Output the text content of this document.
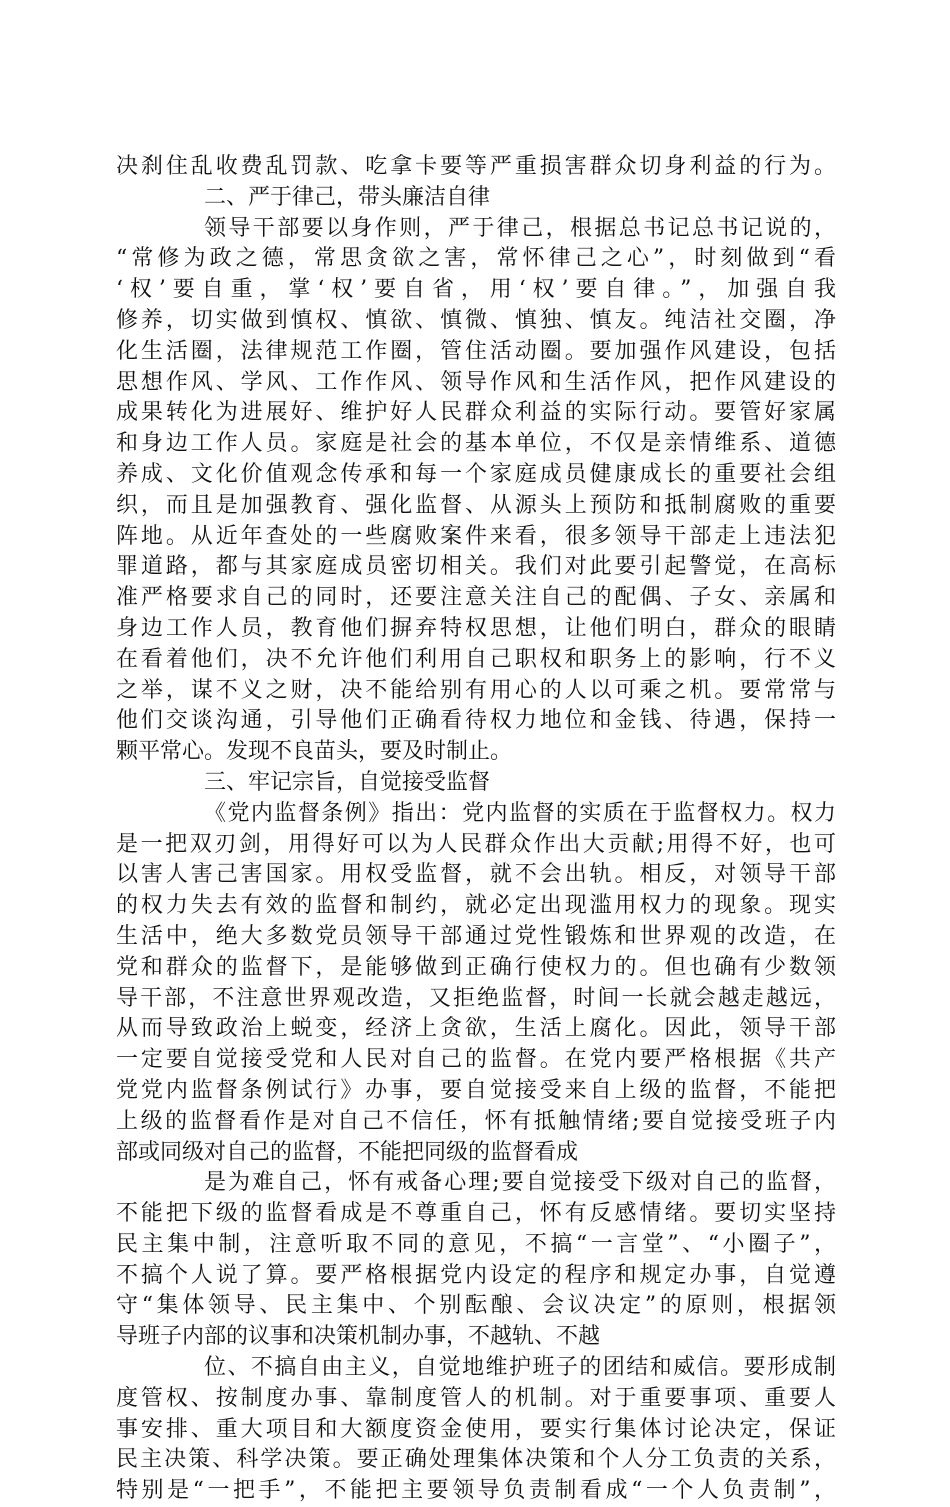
决刹住乱收费乱罚款、吃拿卡要等严重损害群众切身利益的行为。
二、严于律己，带头廉洁自律
领导干部要以身作则，严于律己，根据总书记总书记说的，
“常修为政之德，常思贪欲之害，常怀律己之心”，时刻做到“看
‘权’要自重，掌‘权’要自省，用‘权’要自律。”，加强自我
修养，切实做到慎权、慎欲、慎微、慎独、慎友。纯洁社交圈，净
化生活圈，法律规范工作圈，管住活动圈。要加强作风建设，包括
思想作风、学风、工作作风、领导作风和生活作风，把作风建设的
成果转化为进展好、维护好人民群众利益的实际行动。要管好家属
和身边工作人员。家庭是社会的基本单位，不仅是亲情维系、道德
养成、文化价值观念传承和每一个家庭成员健康成长的重要社会组
织，而且是加强教育、强化监督、从源头上预防和抵制腐败的重要
阵地。从近年查处的一些腐败案件来看，很多领导干部走上违法犯
罪道路，都与其家庭成员密切相关。我们对此要引起警觉，在高标
准严格要求自己的同时，还要注意关注自己的配偶、子女、亲属和
身边工作人员，教育他们摒弃特权思想，让他们明白，群众的眼睛
在看着他们，决不允许他们利用自己职权和职务上的影响，行不义
之举，谋不义之财，决不能给别有用心的人以可乘之机。要常常与
他们交谈沟通，引导他们正确看待权力地位和金钱、待遇，保持一
颗平常心。发现不良苗头，要及时制止。
三、牢记宗旨，自觉接受监督
《党内监督条例》指出：党内监督的实质在于监督权力。权力
是一把双刃剑，用得好可以为人民群众作出大贡献;用得不好，也可
以害人害己害国家。用权受监督，就不会出轨。相反，对领导干部
的权力失去有效的监督和制约，就必定出现滥用权力的现象。现实
生活中，绝大多数党员领导干部通过党性锻炼和世界观的改造，在
党和群众的监督下，是能够做到正确行使权力的。但也确有少数领
导干部，不注意世界观改造，又拒绝监督，时间一长就会越走越远，
从而导致政治上蜕变，经济上贪欲，生活上腐化。因此，领导干部
一定要自觉接受党和人民对自己的监督。在党内要严格根据《共产
党党内监督条例试行》办事，要自觉接受来自上级的监督，不能把
上级的监督看作是对自己不信任，怀有抵触情绪;要自觉接受班子内
部或同级对自己的监督，不能把同级的监督看成
是为难自己，怀有戒备心理;要自觉接受下级对自己的监督，
不能把下级的监督看成是不尊重自己，怀有反感情绪。要切实坚持
民主集中制，注意听取不同的意见，不搞“一言堂”、“小圈子”，
不搞个人说了算。要严格根据党内设定的程序和规定办事，自觉遵
守“集体领导、民主集中、个别酝酿、会议决定”的原则，根据领
导班子内部的议事和决策机制办事，不越轨、不越
位、不搞自由主义，自觉地维护班子的团结和威信。要形成制
度管权、按制度办事、靠制度管人的机制。对于重要事项、重要人
事安排、重大项目和大额度资金使用，要实行集体讨论决定，保证
民主决策、科学决策。要正确处理集体决策和个人分工负责的关系，
特别是“一把手”，不能把主要领导负责制看成“一个人负责制”，
